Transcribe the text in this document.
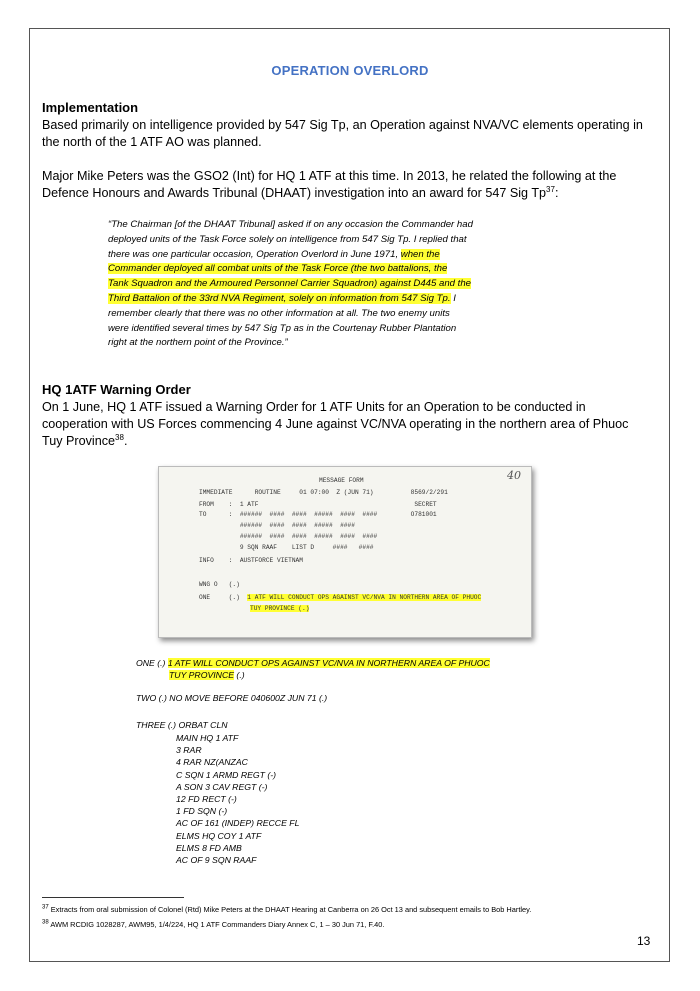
OPERATION OVERLORD
Implementation
Based primarily on intelligence provided by 547 Sig Tp, an Operation against NVA/VC elements operating in
the north of the 1 ATF AO was planned.
Major Mike Peters was the GSO2 (Int) for HQ 1 ATF at this time. In 2013, he related the following at the
Defence Honours and Awards Tribunal (DHAAT) investigation into an award for 547 Sig Tp$^{37}$:
“The Chairman [of the DHAAT Tribunal] asked if on any occasion the Commander had
deployed units of the Task Force solely on intelligence from 547 Sig Tp. I replied that
there was one particular occasion, Operation Overlord in June 1971, when the
Commander deployed all combat units of the Task Force (the two battalions, the
Tank Squadron and the Armoured Personnel Carrier Squadron) against D445 and the
Third Battalion of the 33rd NVA Regiment, solely on information from 547 Sig Tp. I
remember clearly that there was no other information at all. The two enemy units
were identified several times by 547 Sig Tp as in the Courtenay Rubber Plantation
right at the northern point of the Province.”
HQ 1ATF Warning Order
On 1 June, HQ 1 ATF issued a Warning Order for 1 ATF Units for an Operation to be conducted in
cooperation with US Forces commencing 4 June against VC/NVA operating in the northern area of Phuoc
Tuy Province$^{38}$.
40
MESSAGE FORM
IMMEDIATE      ROUTINE     01 07:00  Z (JUN 71)          8569/2/291
FROM    :  1 ATF                                          SECRET
TO      :  ######  ####  ####  #####  ####  ####         O781001
######  ####  ####  #####  ####
######  ####  ####  #####  ####  ####
9 SQN RAAF    LIST D     ####   ####
INFO    :  AUSTFORCE VIETNAM
WNG O   (.)
ONE     (.)  1 ATF WILL CONDUCT OPS AGAINST VC/NVA IN NORTHERN AREA OF PHUOC
TUY PROVINCE (.)
ONE (.) 1 ATF WILL CONDUCT OPS AGAINST VC/NVA IN NORTHERN AREA OF PHUOC
TUY PROVINCE (.)
TWO (.) NO MOVE BEFORE 040600Z JUN 71 (.)
THREE (.) ORBAT CLN
MAIN HQ 1 ATF
3 RAR
4 RAR NZ(ANZAC
C SQN 1 ARMD REGT (-)
A SON 3 CAV REGT (-)
12 FD RECT (-)
1 FD SQN (-)
AC OF 161 (INDEP) RECCE FL
ELMS HQ COY 1 ATF
ELMS 8 FD AMB
AC OF 9 SQN RAAF
$^{37}$ Extracts from oral submission of Colonel (Rtd) Mike Peters at the DHAAT Hearing at Canberra on 26 Oct 13 and subsequent emails to Bob Hartley.
$^{38}$ AWM RCDIG 1028287, AWM95, 1/4/224, HQ 1 ATF Commanders Diary Annex C, 1 – 30 Jun 71, F.40.
13
